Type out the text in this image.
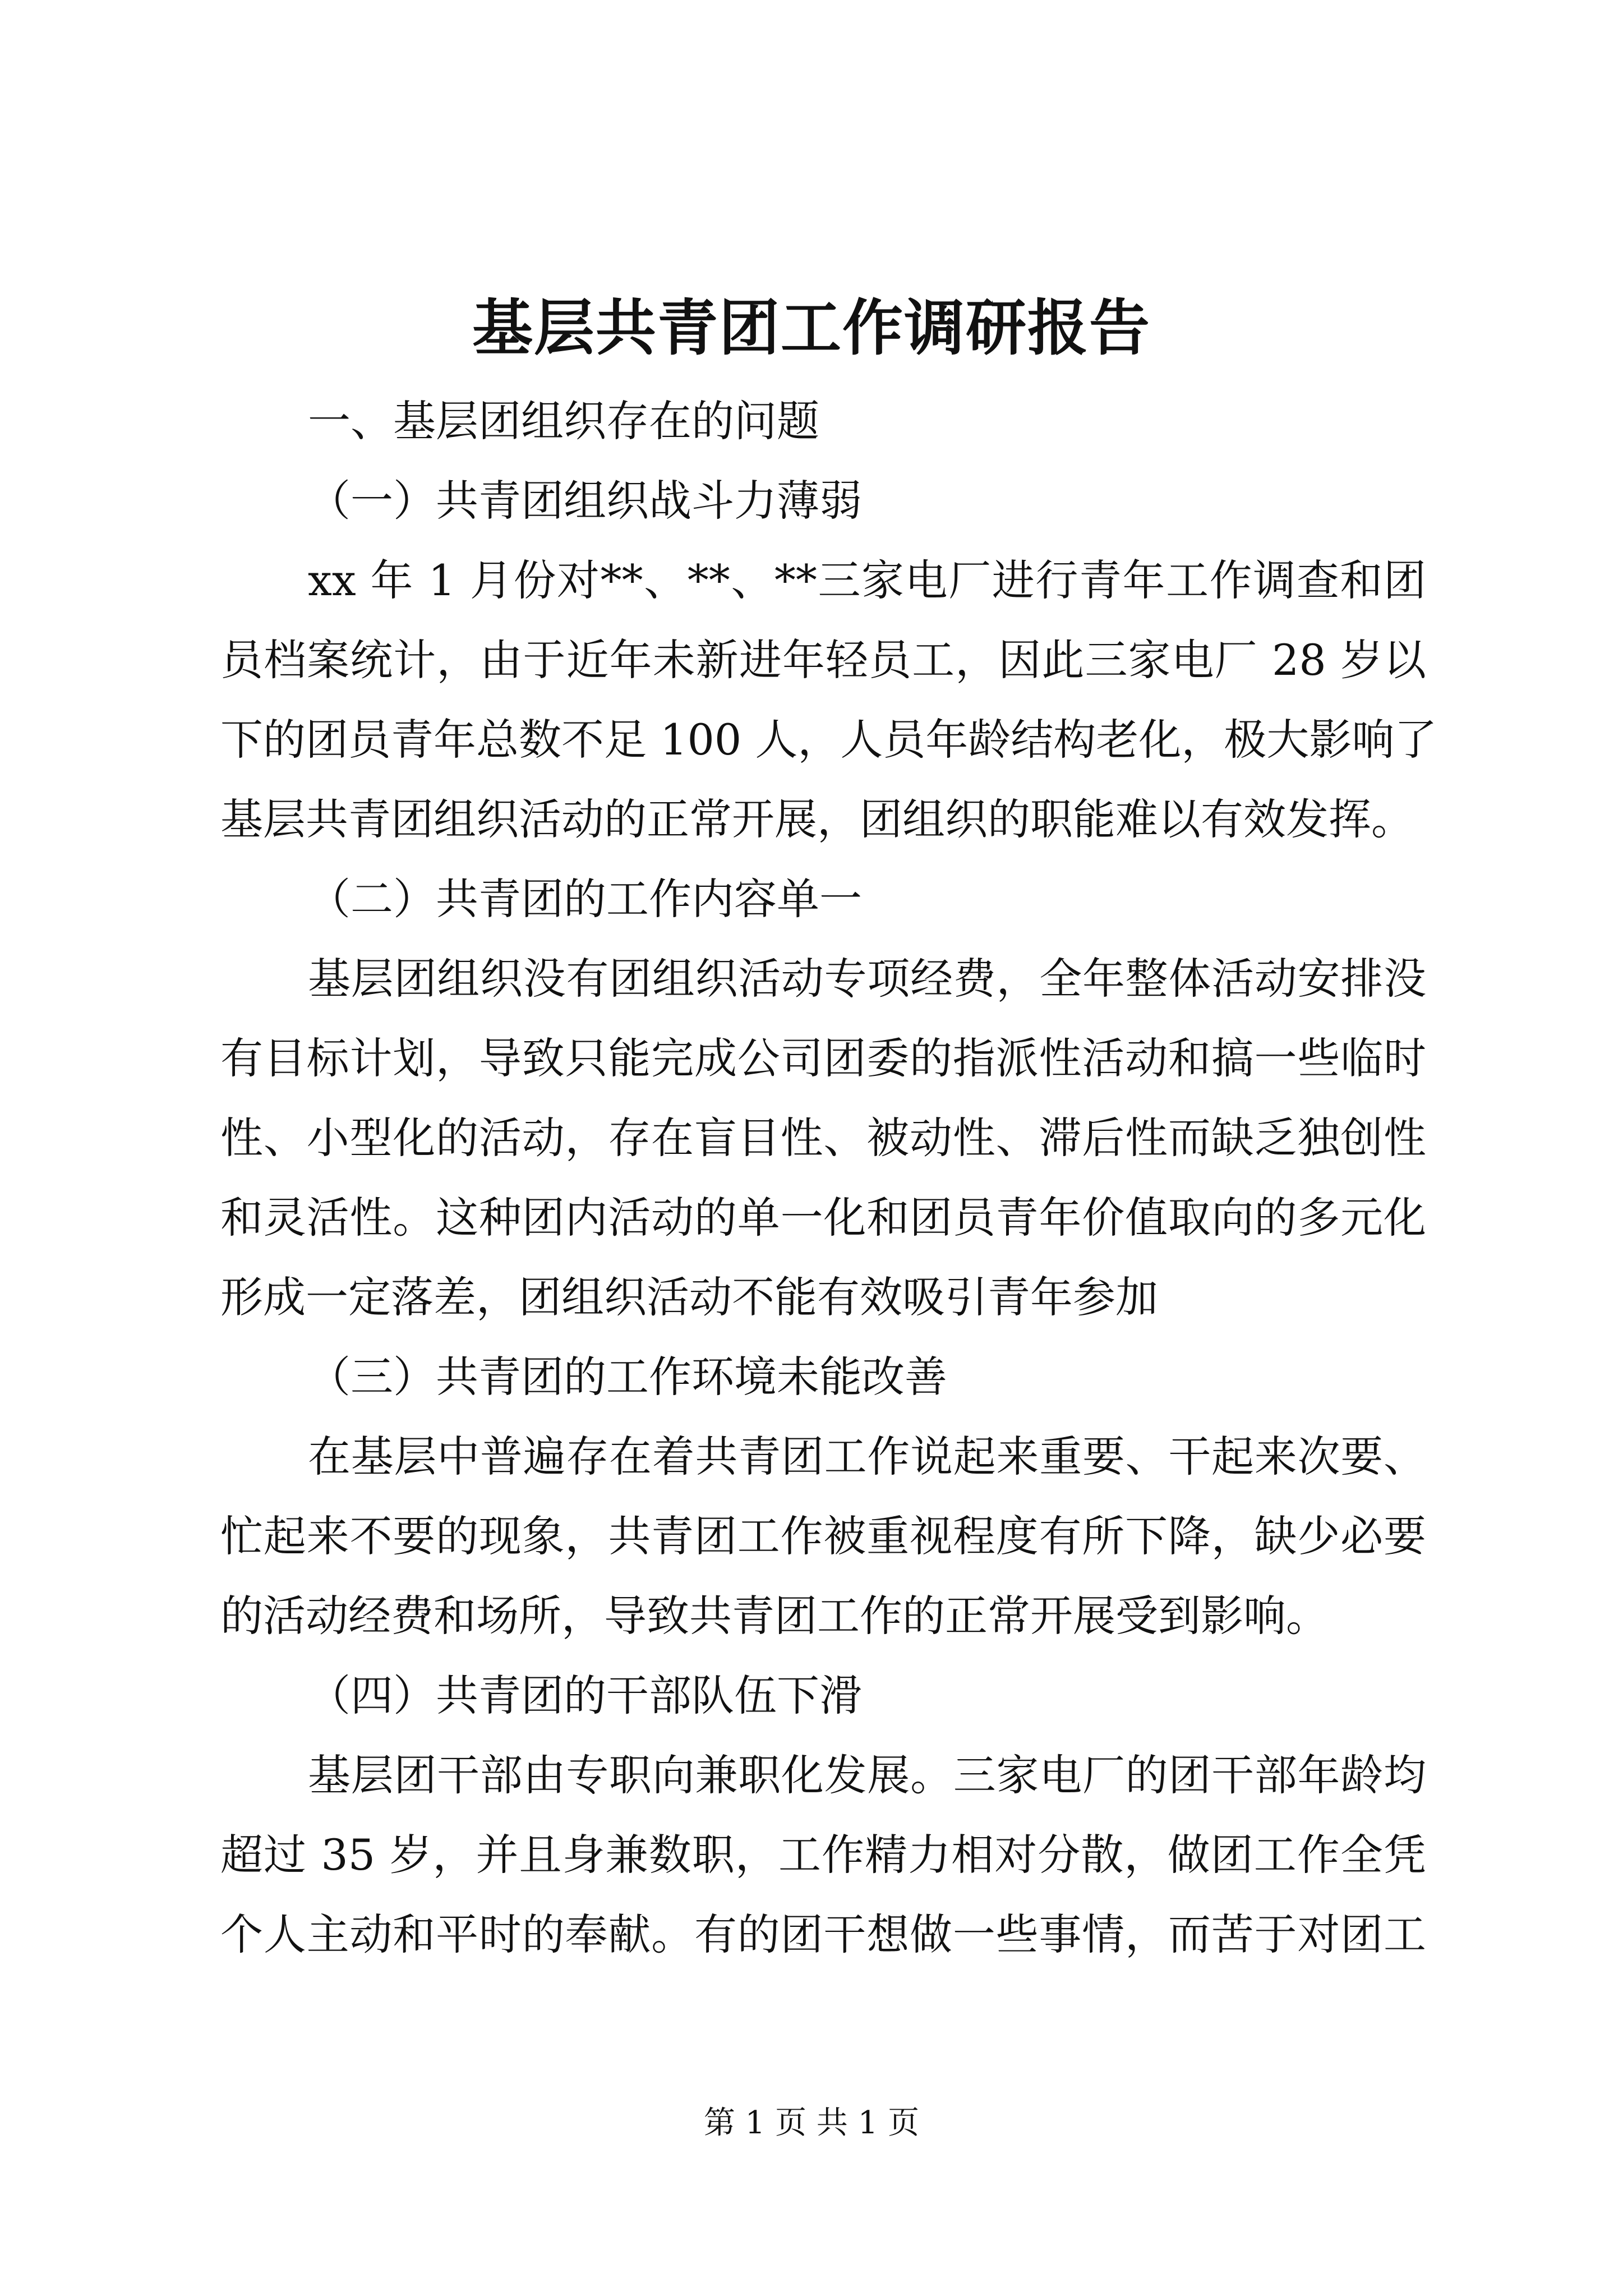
基层共青团工作调研报告
一、基层团组织存在的问题
（一）共青团组织战斗力薄弱
xx 年 1 月份对**、**、**三家电厂进行青年工作调查和团
员档案统计，由于近年未新进年轻员工，因此三家电厂 28 岁以
下的团员青年总数不足 100 人，人员年龄结构老化，极大影响了
基层共青团组织活动的正常开展，团组织的职能难以有效发挥。
（二）共青团的工作内容单一
基层团组织没有团组织活动专项经费，全年整体活动安排没
有目标计划，导致只能完成公司团委的指派性活动和搞一些临时
性、小型化的活动，存在盲目性、被动性、滞后性而缺乏独创性
和灵活性。这种团内活动的单一化和团员青年价值取向的多元化
形成一定落差，团组织活动不能有效吸引青年参加
（三）共青团的工作环境未能改善
在基层中普遍存在着共青团工作说起来重要、干起来次要、
忙起来不要的现象，共青团工作被重视程度有所下降，缺少必要
的活动经费和场所，导致共青团工作的正常开展受到影响。
（四）共青团的干部队伍下滑
基层团干部由专职向兼职化发展。三家电厂的团干部年龄均
超过 35 岁，并且身兼数职，工作精力相对分散，做团工作全凭
个人主动和平时的奉献。有的团干想做一些事情，而苦于对团工
第 1 页 共 1 页
